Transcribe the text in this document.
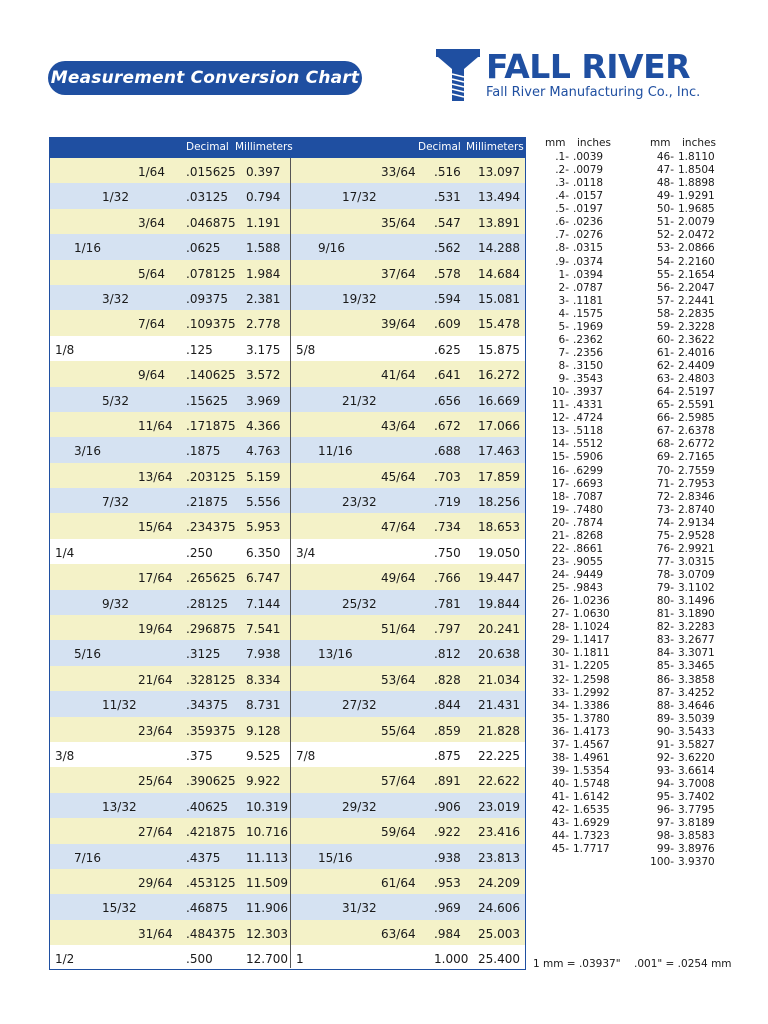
Measurement Conversion Chart	FALL RIVER
Fall River Manufacturing Co., Inc.
Decimal Millimeters	Decimal Millimeters
1/64 .015625 0.397	33/64 .516 13.097
1/32	.03125 0.794	17/32	.531 13.494
3/64 .046875 1.191	35/64 .547 13.891
1/16	.0625 1.588	9/16	.562 14.288
5/64 .078125 1.984	37/64 .578 14.684
3/32	.09375 2.381	19/32	.594 15.081
7/64 .109375 2.778	39/64 .609 15.478
1/8	.125	3.175 5/8	.625 15.875
9/64 .140625 3.572	41/64 .641 16.272
5/32	.15625 3.969	21/32	.656 16.669
11/64 .171875 4.366	43/64 .672 17.066
3/16	.1875 4.763	11/16	.688 17.463
13/64 .203125 5.159	45/64 .703 17.859
7/32	.21875 5.556	23/32	.719 18.256
15/64 .234375 5.953	47/64 .734 18.653
1/4	.250	6.350 3/4	.750 19.050
17/64 .265625 6.747	49/64 .766 19.447
9/32	.28125 7.144	25/32	.781 19.844
19/64 .296875 7.541	51/64 .797 20.241
5/16	.3125 7.938	13/16	.812 20.638
21/64 .328125 8.334	53/64 .828 21.034
11/32	.34375 8.731	27/32	.844 21.431
23/64 .359375 9.128	55/64 .859 21.828
3/8	.375	9.525 7/8	.875 22.225
25/64 .390625 9.922	57/64 .891 22.622
13/32	.40625 10.319	29/32	.906 23.019
27/64 .421875 10.716	59/64 .922 23.416
7/16	.4375 11.113	15/16	.938 23.813
29/64 .453125 11.509	61/64 .953 24.209
15/32	.46875 11.906	31/32	.969 24.606
31/64 .484375 12.303	63/64 .984 25.003
1/2	.500	12.700 1	1.000 25.400
mm inches	mm inches
.1- .0039
.2- .0079
.3- .0118
.4- .0157
.5- .0197
.6- .0236
.7- .0276
.8- .0315
.9- .0374
1- .0394
2- .0787
3- .1181
4- .1575
5- .1969
6- .2362
7- .2356
8- .3150
9- .3543
10- .3937
11- .4331
12- .4724
13- .5118
14- .5512
15- .5906
16- .6299
17- .6693
18- .7087
19- .7480
20- .7874
21- .8268
22- .8661
23- .9055
24- .9449
25- .9843
26- 1.0236
27- 1.0630
28- 1.1024
29- 1.1417
30- 1.1811
31- 1.2205
32- 1.2598
33- 1.2992
34- 1.3386
35- 1.3780
36- 1.4173
37- 1.4567
38- 1.4961
39- 1.5354
40- 1.5748
41- 1.6142
42- 1.6535
43- 1.6929
44- 1.7323
45- 1.7717
46- 1.8110
47- 1.8504
48- 1.8898
49- 1.9291
50- 1.9685
51- 2.0079
52- 2.0472
53- 2.0866
54- 2.2160
55- 2.1654
56- 2.2047
57- 2.2441
58- 2.2835
59- 2.3228
60- 2.3622
61- 2.4016
62- 2.4409
63- 2.4803
64- 2.5197
65- 2.5591
66- 2.5985
67- 2.6378
68- 2.6772
69- 2.7165
70- 2.7559
71- 2.7953
72- 2.8346
73- 2.8740
74- 2.9134
75- 2.9528
76- 2.9921
77- 3.0315
78- 3.0709
79- 3.1102
80- 3.1496
81- 3.1890
82- 3.2283
83- 3.2677
84- 3.3071
85- 3.3465
86- 3.3858
87- 3.4252
88- 3.4646
89- 3.5039
90- 3.5433
91- 3.5827
92- 3.6220
93- 3.6614
94- 3.7008
95- 3.7402
96- 3.7795
97- 3.8189
98- 3.8583
99- 3.8976
100- 3.9370
1 mm = .03937" .001" = .0254 mm
